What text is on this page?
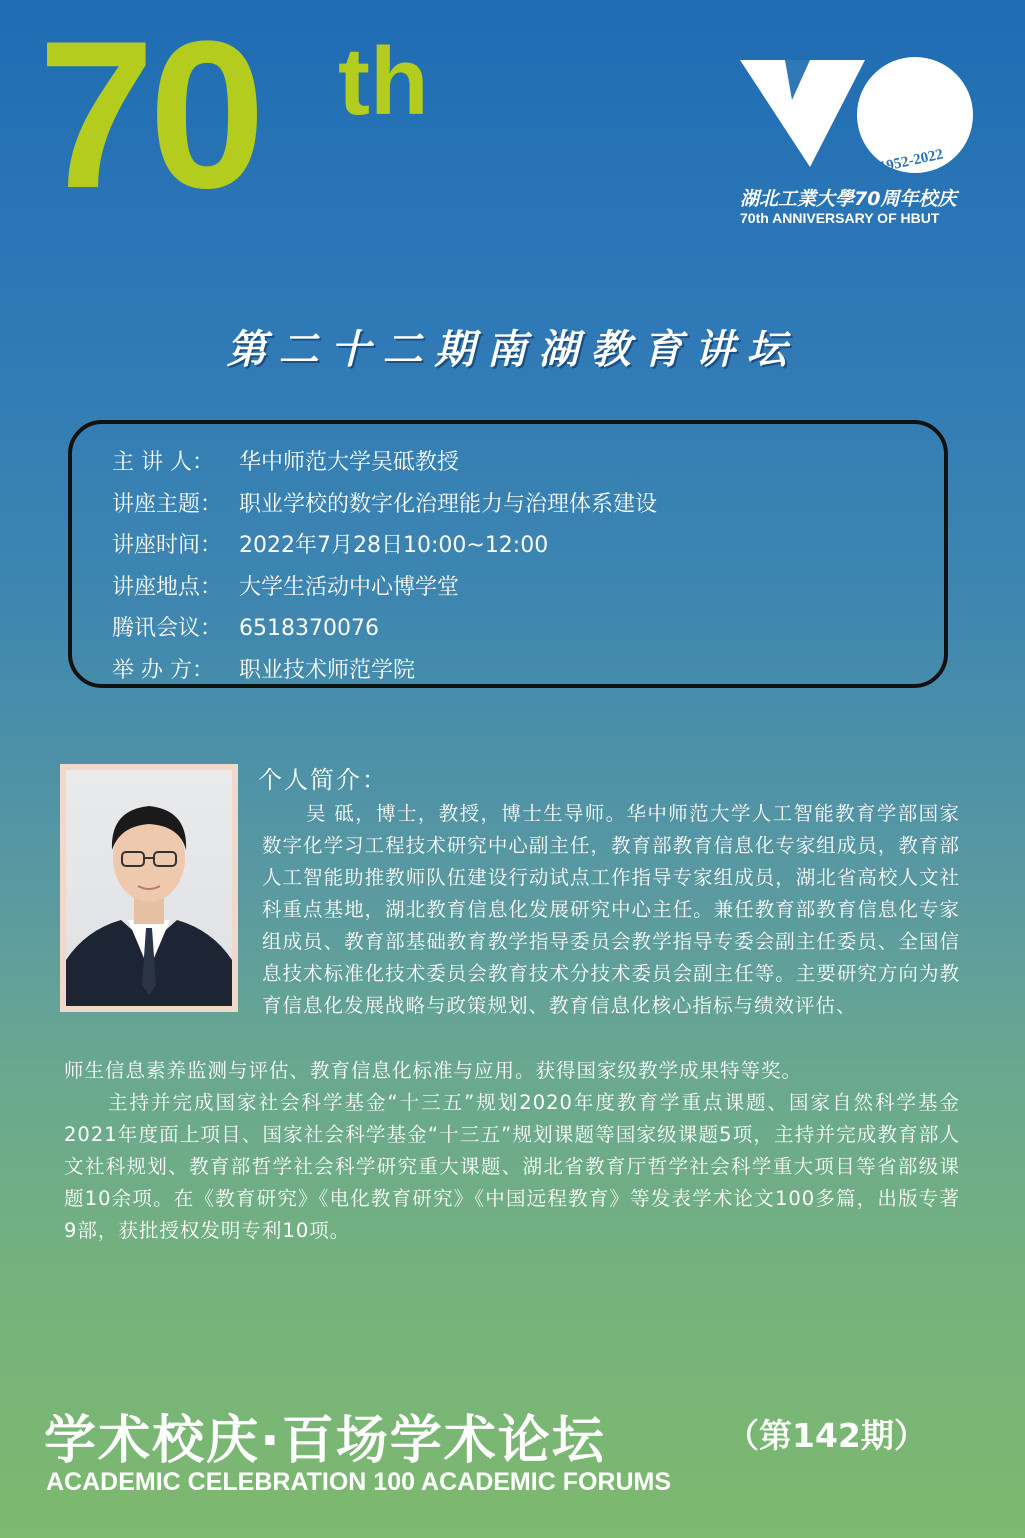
70 th
1952-2022
湖北工業大學70周年校庆
70th ANNIVERSARY OF HBUT
第二十二期南湖教育讲坛
主 讲 人： 华中师范大学吴砥教授
讲座主题： 职业学校的数字化治理能力与治理体系建设
讲座时间： 2022年7月28日10:00~12:00
讲座地点： 大学生活动中心博学堂
腾讯会议： 6518370076
举 办 方： 职业技术师范学院
个人简介：
吴 砥，博士，教授，博士生导师。华中师范大学人工智能教育学部国家数字化学习工程技术研究中心副主任，教育部教育信息化专家组成员，教育部人工智能助推教师队伍建设行动试点工作指导专家组成员，湖北省高校人文社科重点基地，湖北教育信息化发展研究中心主任。兼任教育部教育信息化专家组成员、教育部基础教育教学指导委员会教学指导专委会副主任委员、全国信息技术标准化技术委员会教育技术分技术委员会副主任等。主要研究方向为教育信息化发展战略与政策规划、教育信息化核心指标与绩效评估、
师生信息素养监测与评估、教育信息化标准与应用。获得国家级教学成果特等奖。
主持并完成国家社会科学基金“十三五”规划2020年度教育学重点课题、国家自然科学基金2021年度面上项目、国家社会科学基金“十三五”规划课题等国家级课题5项，主持并完成教育部人文社科规划、教育部哲学社会科学研究重大课题、湖北省教育厅哲学社会科学重大项目等省部级课题10余项。在《教育研究》《电化教育研究》《中国远程教育》等发表学术论文100多篇，出版专著9部，获批授权发明专利10项。
学术校庆·百场学术论坛	（第142期）
ACADEMIC CELEBRATION 100 ACADEMIC FORUMS
